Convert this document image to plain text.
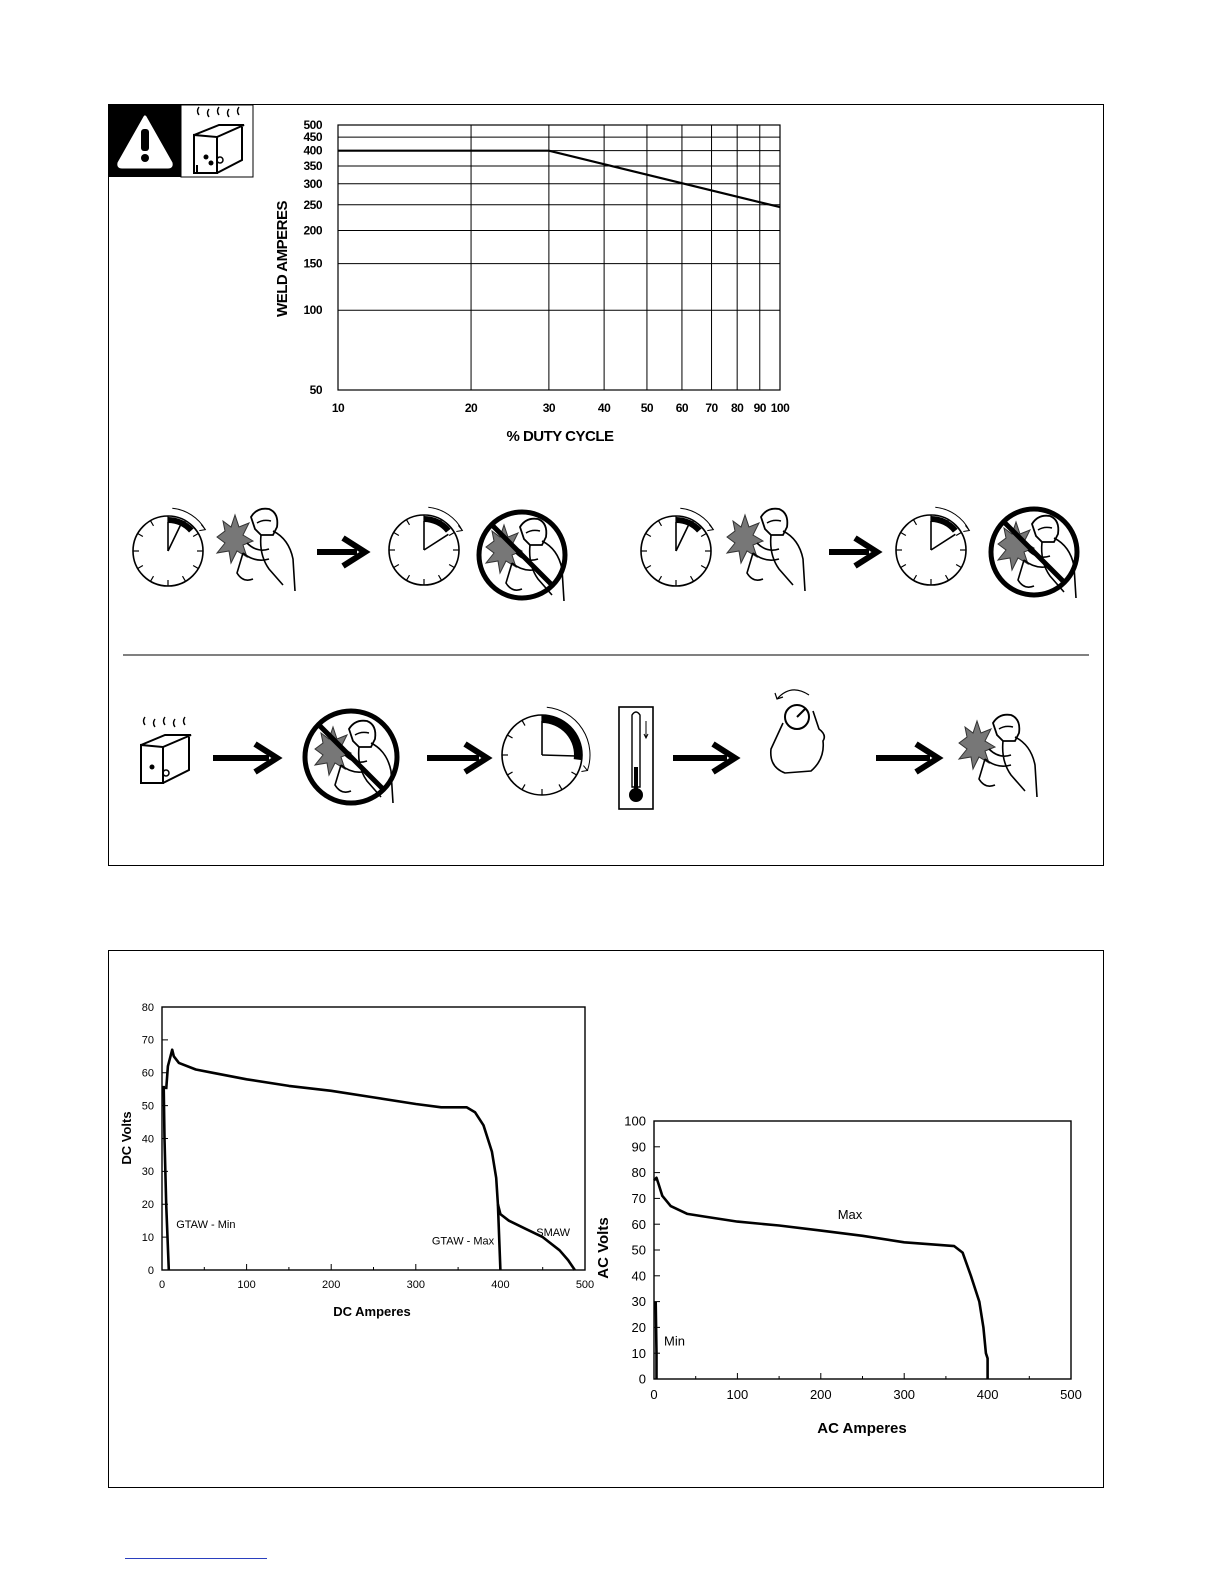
10	20	30	40	50 60 70 80 90 100
50
100
150
200
250
300
350
400
450
500
% DUTY CYCLE
WELD AMPERES
0	100	200	300	400	500
0
10
20
30
40
50
60
70
80
GTAW - Min
GTAW - Max
SMAW
DC Amperes
DC Volts
0	100	200	300	400	500
0
10
20
30
40
50
60
70
80
90
100
Max
Min
AC Amperes
AC Volts
